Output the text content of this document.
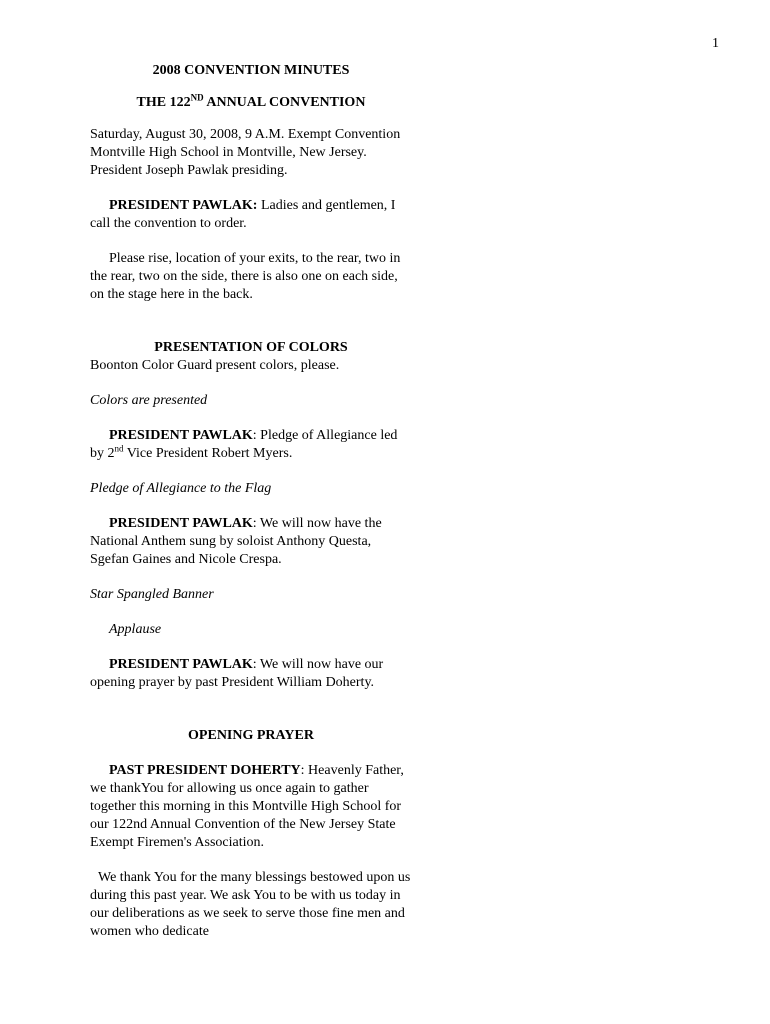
1

2008 CONVENTION MINUTES

THE 122ND ANNUAL CONVENTION

Saturday, August 30, 2008, 9 A.M. Exempt Convention Montville High School in Montville, New Jersey. President Joseph Pawlak presiding.

PRESIDENT PAWLAK: Ladies and gentlemen, I call the convention to order.

Please rise, location of your exits, to the rear, two in the rear, two on the side, there is also one on each side, on the stage here in the back.

PRESENTATION OF COLORS

Boonton Color Guard present colors, please.

Colors are presented

PRESIDENT PAWLAK: Pledge of Allegiance led by 2nd Vice President Robert Myers.

Pledge of Allegiance to the Flag

PRESIDENT PAWLAK: We will now have the National Anthem sung by soloist Anthony Questa, Sgefan Gaines and Nicole Crespa.

Star Spangled Banner

Applause

PRESIDENT PAWLAK: We will now have our opening prayer by past President William Doherty.

OPENING PRAYER

PAST PRESIDENT DOHERTY: Heavenly Father, we thankYou for allowing us once again to gather together this morning in this Montville High School for our 122nd Annual Convention of the New Jersey State Exempt Firemen's Association.

We thank You for the many blessings bestowed upon us during this past year. We ask You to be with us today in our deliberations as we seek to serve those fine men and women who dedicate
